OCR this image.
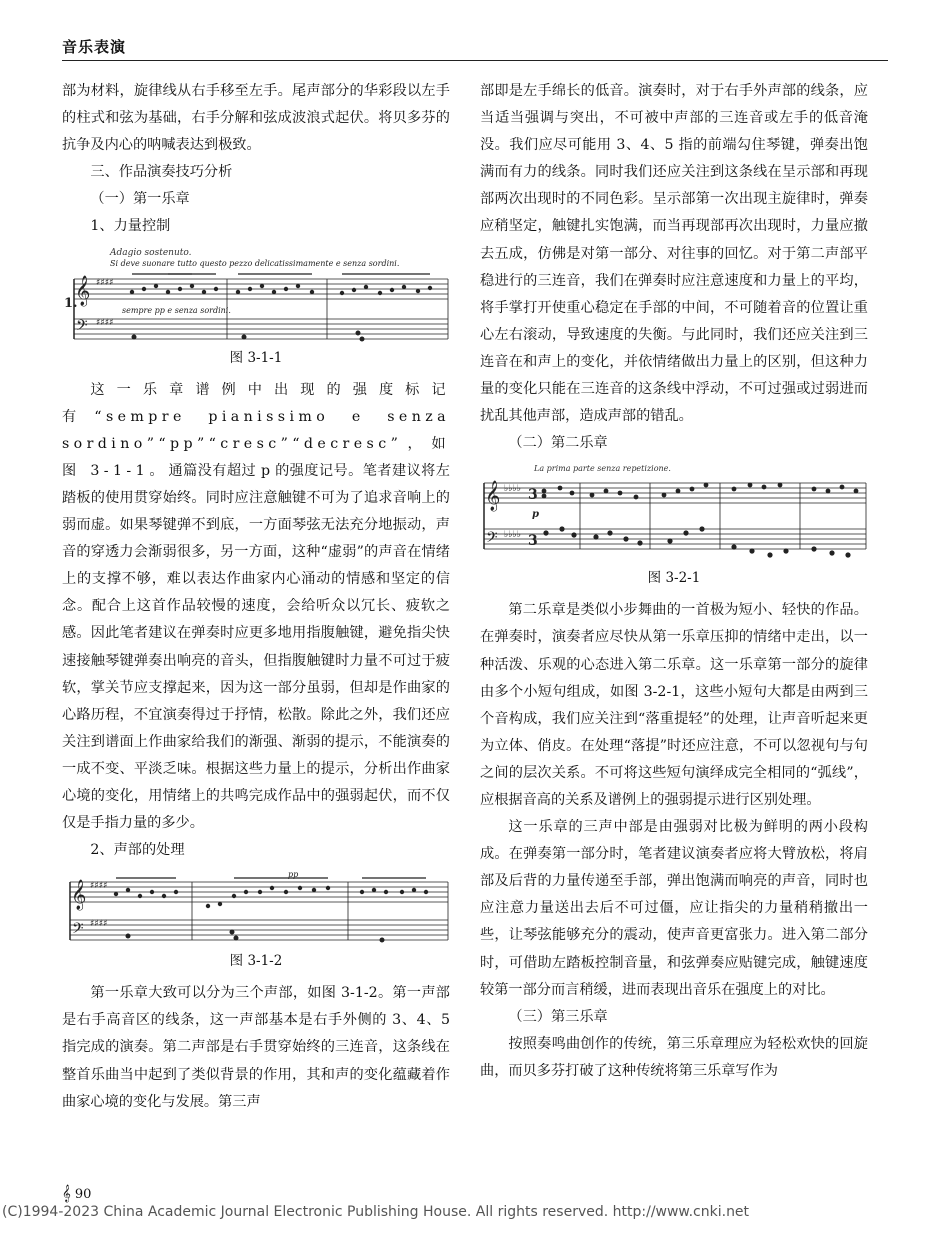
音乐表演

部为材料，旋律线从右手移至左手。尾声部分的华彩段以左手的柱式和弦为基础，右手分解和弦成波浪式起伏。将贝多芬的抗争及内心的呐喊表达到极致。

三、作品演奏技巧分析

（一）第一乐章

1、力量控制

Adagio sostenuto.
Si deve suonare tutto questo pezzo delicatissimamente e senza sordini.
1.
𝄞
𝄢
♯♯♯♯
♯♯♯♯
sempre pp e senza sordini.
图 3-1-1

这一乐章谱例中出现的强度标记有“sempre pianissimo e senza sordino”“pp”“cresc”“decresc”，如图 3-1-1。通篇没有超过 p 的强度记号。笔者建议将左踏板的使用贯穿始终。同时应注意触键不可为了追求音响上的弱而虚。如果琴键弹不到底，一方面琴弦无法充分地振动，声音的穿透力会渐弱很多，另一方面，这种“虚弱”的声音在情绪上的支撑不够，难以表达作曲家内心涌动的情感和坚定的信念。配合上这首作品较慢的速度，会给听众以冗长、疲软之感。因此笔者建议在弹奏时应更多地用指腹触键，避免指尖快速接触琴键弹奏出响亮的音头，但指腹触键时力量不可过于疲软，掌关节应支撑起来，因为这一部分虽弱，但却是作曲家的心路历程，不宜演奏得过于抒情，松散。除此之外，我们还应关注到谱面上作曲家给我们的渐强、渐弱的提示，不能演奏的一成不变、平淡乏味。根据这些力量上的提示，分析出作曲家心境的变化，用情绪上的共鸣完成作品中的强弱起伏，而不仅仅是手指力量的多少。

2、声部的处理

𝄞
𝄢
♯♯♯♯
♯♯♯♯
pp
图 3-1-2

第一乐章大致可以分为三个声部，如图 3-1-2。第一声部是右手高音区的线条，这一声部基本是右手外侧的 3、4、5 指完成的演奏。第二声部是右手贯穿始终的三连音，这条线在整首乐曲当中起到了类似背景的作用，其和声的变化蕴藏着作曲家心境的变化与发展。第三声

部即是左手绵长的低音。演奏时，对于右手外声部的线条，应当适当强调与突出，不可被中声部的三连音或左手的低音淹没。我们应尽可能用 3、4、5 指的前端勾住琴键，弹奏出饱满而有力的线条。同时我们还应关注到这条线在呈示部和再现部两次出现时的不同色彩。呈示部第一次出现主旋律时，弹奏应稍坚定，触键扎实饱满，而当再现部再次出现时，力量应撤去五成，仿佛是对第一部分、对往事的回忆。对于第二声部平稳进行的三连音，我们在弹奏时应注意速度和力量上的平均，将手掌打开使重心稳定在手部的中间，不可随着音的位置让重心左右滚动，导致速度的失衡。与此同时，我们还应关注到三连音在和声上的变化，并依情绪做出力量上的区别，但这种力量的变化只能在三连音的这条线中浮动，不可过强或过弱进而扰乱其他声部，造成声部的错乱。

（二）第二乐章

La prima parte senza repetizione.
𝄞
𝄢
♭♭♭♭
♭♭♭♭
3
3
p
图 3-2-1

第二乐章是类似小步舞曲的一首极为短小、轻快的作品。在弹奏时，演奏者应尽快从第一乐章压抑的情绪中走出，以一种活泼、乐观的心态进入第二乐章。这一乐章第一部分的旋律由多个小短句组成，如图 3-2-1，这些小短句大都是由两到三个音构成，我们应关注到“落重提轻”的处理，让声音听起来更为立体、俏皮。在处理“落提”时还应注意，不可以忽视句与句之间的层次关系。不可将这些短句演绎成完全相同的“弧线”，应根据音高的关系及谱例上的强弱提示进行区别处理。

这一乐章的三声中部是由强弱对比极为鲜明的两小段构成。在弹奏第一部分时，笔者建议演奏者应将大臂放松，将肩部及后背的力量传递至手部，弹出饱满而响亮的声音，同时也应注意力量送出去后不可过僵，应让指尖的力量稍稍撤出一些，让琴弦能够充分的震动，使声音更富张力。进入第二部分时，可借助左踏板控制音量，和弦弹奏应贴键完成，触键速度较第一部分而言稍缓，进而表现出音乐在强度上的对比。

（三）第三乐章

按照奏鸣曲创作的传统，第三乐章理应为轻松欢快的回旋曲，而贝多芬打破了这种传统将第三乐章写作为

𝄞 90
(C)1994-2023 China Academic Journal Electronic Publishing House. All rights reserved. http://www.cnki.net
